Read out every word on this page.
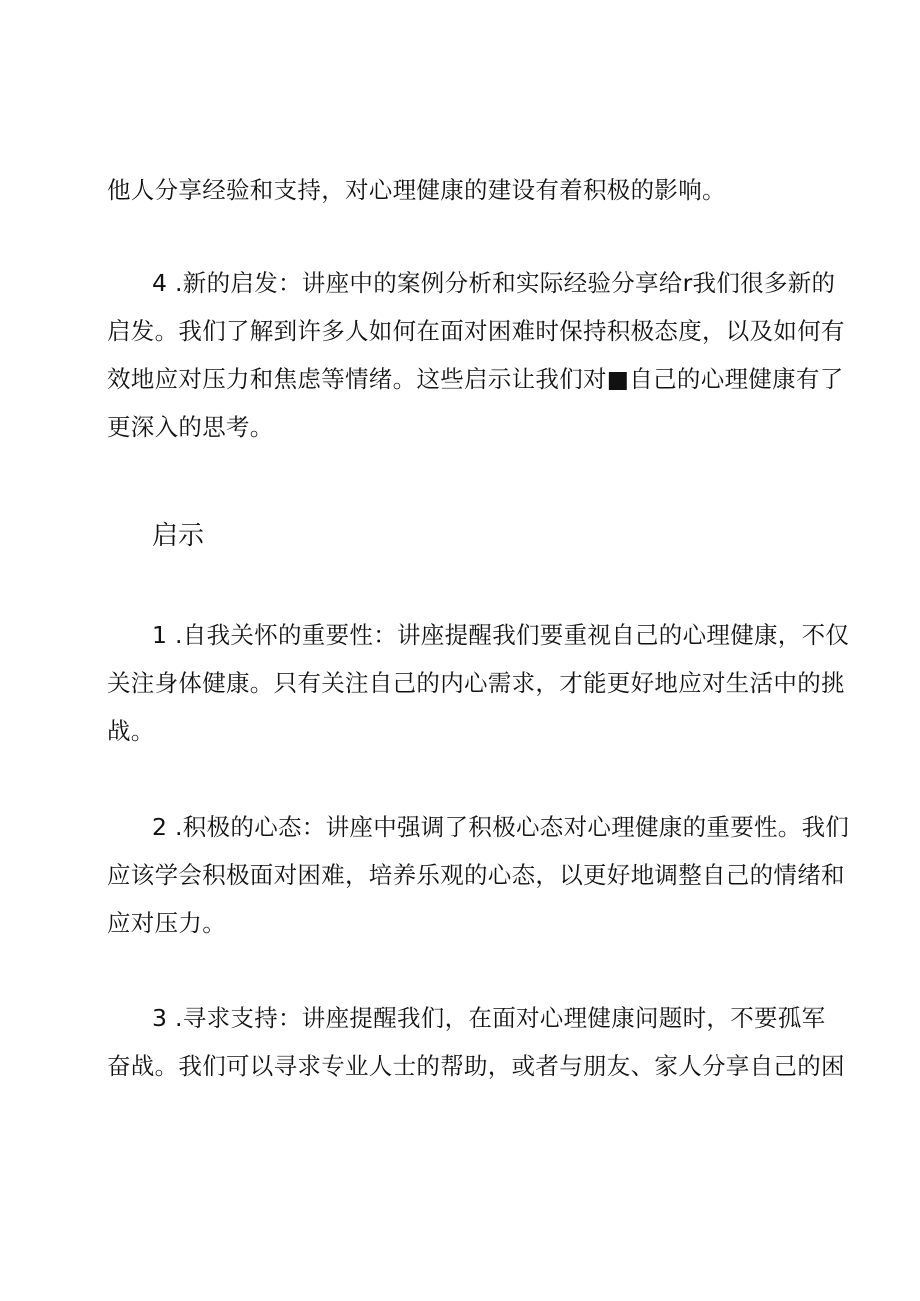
他人分享经验和支持，对心理健康的建设有着积极的影响。
4 .新的启发：讲座中的案例分析和实际经验分享给r我们很多新的
启发。我们了解到许多人如何在面对困难时保持积极态度，以及如何有
效地应对压力和焦虑等情绪。这些启示让我们对■自己的心理健康有了
更深入的思考。
启示
1 .自我关怀的重要性：讲座提醒我们要重视自己的心理健康，不仅
关注身体健康。只有关注自己的内心需求，才能更好地应对生活中的挑
战。
2 .积极的心态：讲座中强调了积极心态对心理健康的重要性。我们
应该学会积极面对困难，培养乐观的心态，以更好地调整自己的情绪和
应对压力。
3 .寻求支持：讲座提醒我们，在面对心理健康问题时，不要孤军
奋战。我们可以寻求专业人士的帮助，或者与朋友、家人分享自己的困
